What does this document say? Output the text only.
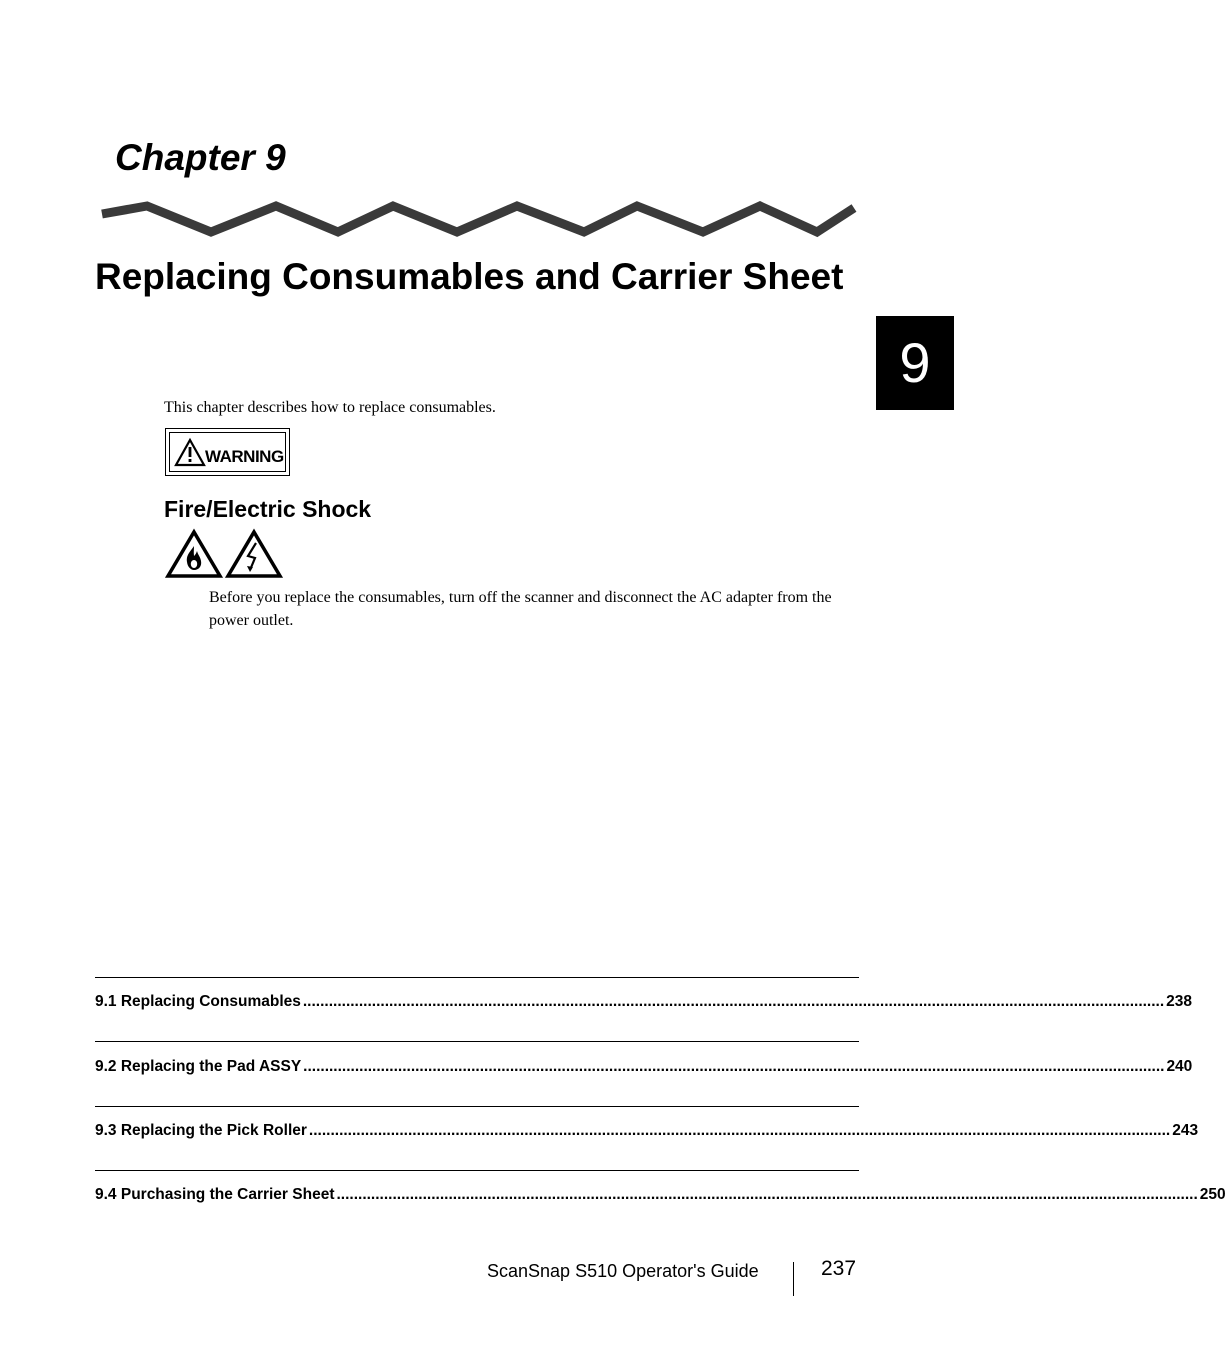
Chapter 9
Replacing Consumables and Carrier Sheet
9
This chapter describes how to replace consumables.
WARNING
Fire/Electric Shock
Before you replace the consumables, turn off the scanner and disconnect the AC adapter from the power outlet.
9.1 Replacing Consumables ........................................................................................................................................................................................................ 238
9.2 Replacing the Pad ASSY ........................................................................................................................................................................................................ 240
9.3 Replacing the Pick Roller ........................................................................................................................................................................................................ 243
9.4 Purchasing the Carrier Sheet ........................................................................................................................................................................................................ 250
ScanSnap S510 Operator's Guide	237
